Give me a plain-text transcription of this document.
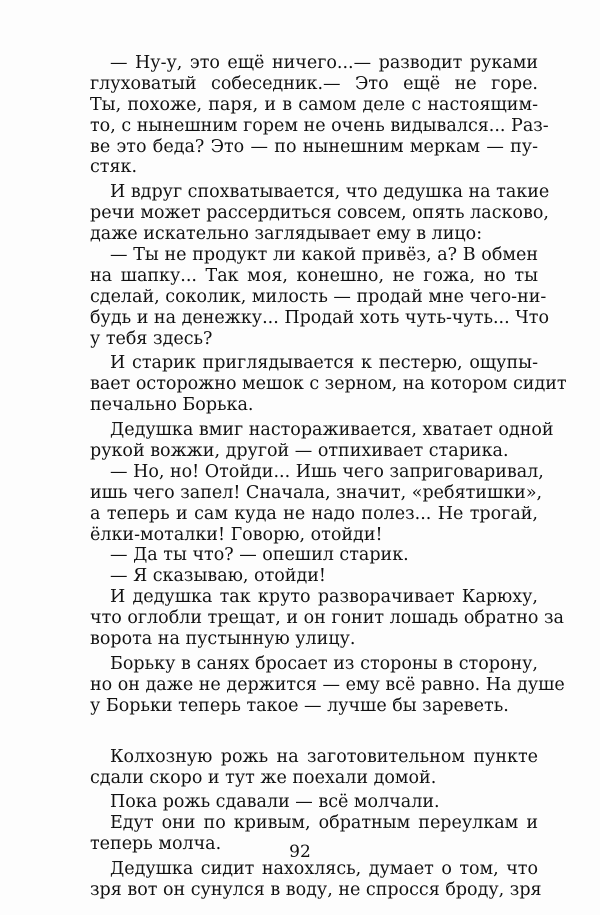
— Ну-у, это ещё ничего...— разводит руками
глуховатый собеседник.— Это ещё не горе.
Ты, похоже, паря, и в самом деле с настоящим-
то, с нынешним горем не очень видывался... Раз-
ве это беда? Это — по нынешним меркам — пу-
стяк.
И вдруг спохватывается, что дедушка на такие
речи может рассердиться совсем, опять ласково,
даже искательно заглядывает ему в лицо:
— Ты не продукт ли какой привёз, а? В обмен
на шапку... Так моя, конешно, не гожа, но ты
сделай, соколик, милость — продай мне чего-ни-
будь и на денежку... Продай хоть чуть-чуть... Что
у тебя здесь?
И старик приглядывается к пестерю, ощупы-
вает осторожно мешок с зерном, на котором сидит
печально Борька.
Дедушка вмиг настораживается, хватает одной
рукой вожжи, другой — отпихивает старика.
— Но, но! Отойди... Ишь чего заприговаривал,
ишь чего запел! Сначала, значит, «ребятишки»,
а теперь и сам куда не надо полез... Не трогай,
ёлки-моталки! Говорю, отойди!
— Да ты что? — опешил старик.
— Я сказываю, отойди!
И дедушка так круто разворачивает Карюху,
что оглобли трещат, и он гонит лошадь обратно за
ворота на пустынную улицу.
Борьку в санях бросает из стороны в сторону,
но он даже не держится — ему всё равно. На душе
у Борьки теперь такое — лучше бы зареветь.
Колхозную рожь на заготовительном пункте
сдали скоро и тут же поехали домой.
Пока рожь сдавали — всё молчали.
Едут они по кривым, обратным переулкам и
теперь молча.
Дедушка сидит нахохлясь, думает о том, что
зря вот он сунулся в воду, не спросся броду, зря
92
